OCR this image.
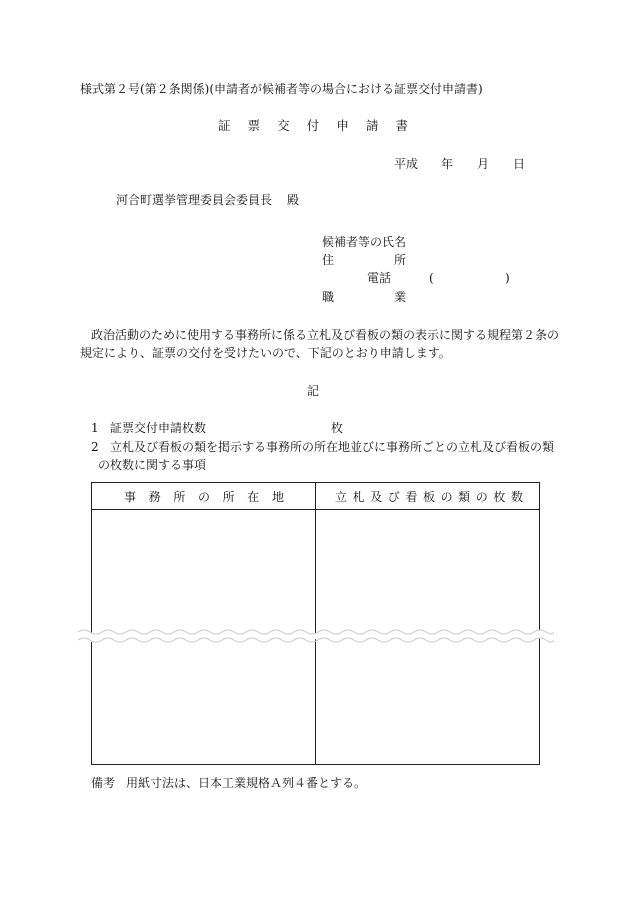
様式第２号(第２条関係)(申請者が候補者等の場合における証票交付申請書)
証 票 交 付 申 請 書
平成 年 月 日
河合町選挙管理委員会委員長 殿
候補者等の氏名
住	所
電話	(	)
職	業
政治活動のために使用する事務所に係る立札及び看板の類の表示に関する規程第２条の
規定により、証票の交付を受けたいので、下記のとおり申請します。
記
1 証票交付申請枚数	枚
2 立札及び看板の類を掲示する事務所の所在地並びに事務所ごとの立札及び看板の類
の枚数に関する事項
事 務 所 の 所 在 地	立 札 及 び 看 板 の 類 の 枚 数
備考 用紙寸法は、日本工業規格Ａ列４番とする。
